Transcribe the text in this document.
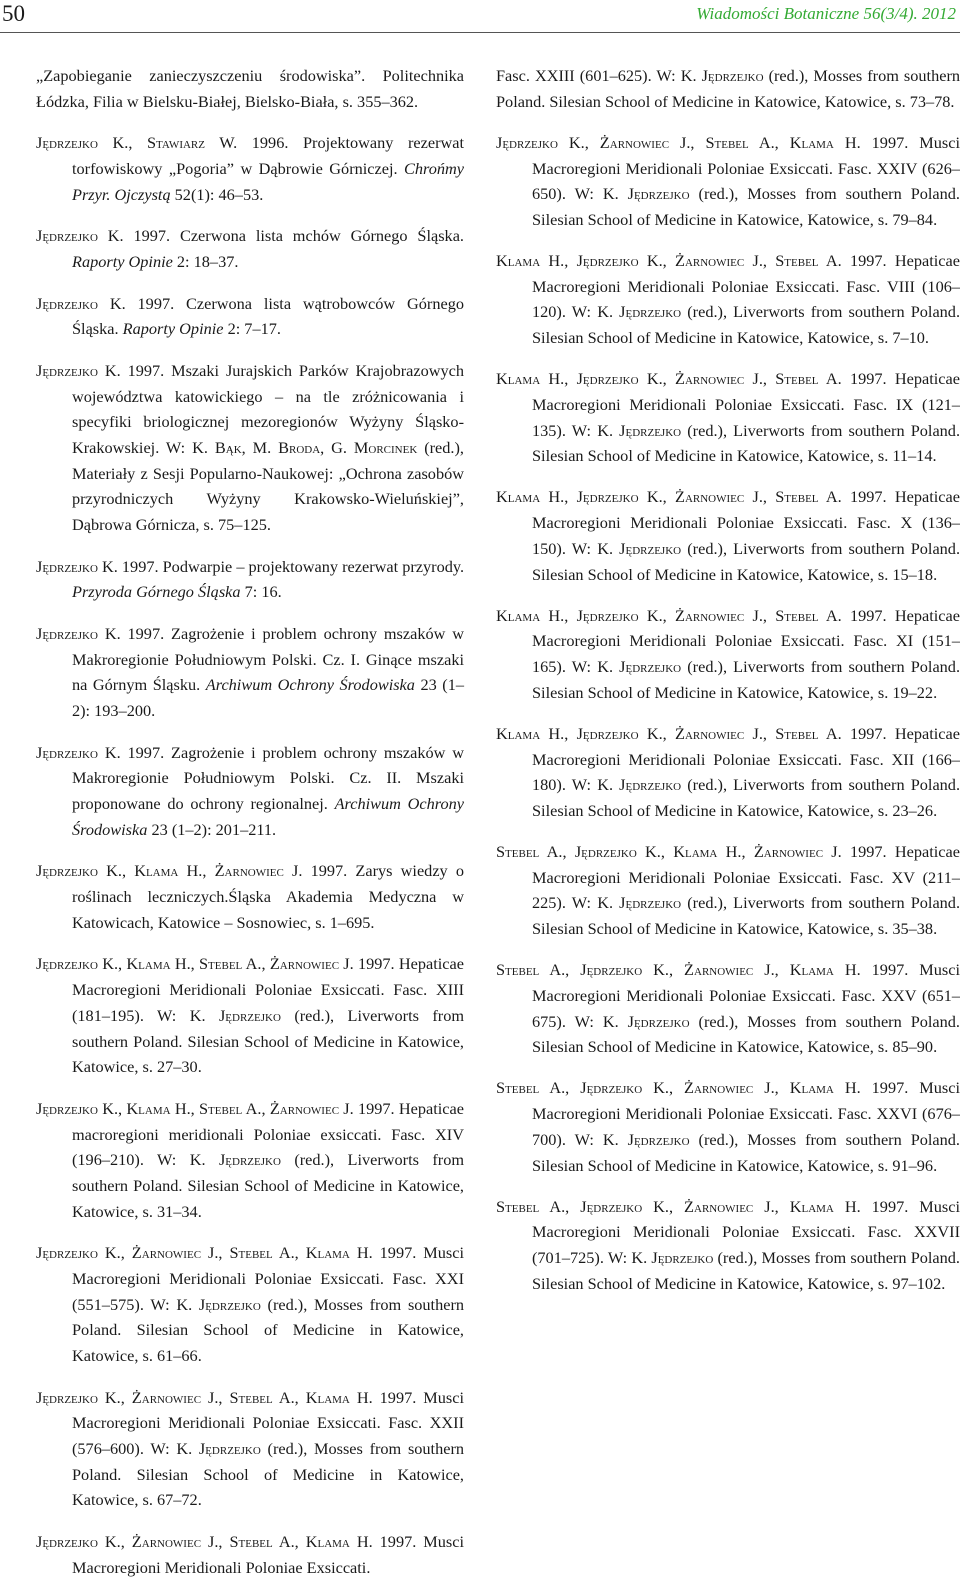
50	Wiadomości Botaniczne 56(3/4). 2012

„Zapobieganie zanieczyszczeniu środowiska”. Politechnika Łódzka, Filia w Bielsku-Białej, Bielsko-Biała, s. 355–362.

Jędrzejko K., Stawiarz W. 1996. Projektowany rezerwat torfowiskowy „Pogoria” w Dąbrowie Górniczej. Chrońmy Przyr. Ojczystą 52(1): 46–53.

Jędrzejko K. 1997. Czerwona lista mchów Górnego Śląska. Raporty Opinie 2: 18–37.

Jędrzejko K. 1997. Czerwona lista wątrobowców Górnego Śląska. Raporty Opinie 2: 7–17.

Jędrzejko K. 1997. Mszaki Jurajskich Parków Krajobrazowych województwa katowickiego – na tle zróżnicowania i specyfiki briologicznej mezoregionów Wyżyny Śląsko-Krakowskiej. W: K. Bąk, M. Broda, G. Morcinek (red.), Materiały z Sesji Popularno-Naukowej: „Ochrona zasobów przyrodniczych Wyżyny Krakowsko-Wieluńskiej”, Dąbrowa Górnicza, s. 75–125.

Jędrzejko K. 1997. Podwarpie – projektowany rezerwat przyrody. Przyroda Górnego Śląska 7: 16.

Jędrzejko K. 1997. Zagrożenie i problem ochrony mszaków w Makroregionie Południowym Polski. Cz. I. Ginące mszaki na Górnym Śląsku. Archiwum Ochrony Środowiska 23 (1–2): 193–200.

Jędrzejko K. 1997. Zagrożenie i problem ochrony mszaków w Makroregionie Południowym Polski. Cz. II. Mszaki proponowane do ochrony regionalnej. Archiwum Ochrony Środowiska 23 (1–2): 201–211.

Jędrzejko K., Klama H., Żarnowiec J. 1997. Zarys wiedzy o roślinach leczniczych.Śląska Akademia Medyczna w Katowicach, Katowice – Sosnowiec, s. 1–695.

Jędrzejko K., Klama H., Stebel A., Żarnowiec J. 1997. Hepaticae Macroregioni Meridionali Poloniae Exsiccati. Fasc. XIII (181–195). W: K. Jędrzejko (red.), Liverworts from southern Poland. Silesian School of Medicine in Katowice, Katowice, s. 27–30.

Jędrzejko K., Klama H., Stebel A., Żarnowiec J. 1997. Hepaticae macroregioni meridionali Poloniae exsiccati. Fasc. XIV (196–210). W: K. Jędrzejko (red.), Liverworts from southern Poland. Silesian School of Medicine in Katowice, Katowice, s. 31–34.

Jędrzejko K., Żarnowiec J., Stebel A., Klama H. 1997. Musci Macroregioni Meridionali Poloniae Exsiccati. Fasc. XXI (551–575). W: K. Jędrzejko (red.), Mosses from southern Poland. Silesian School of Medicine in Katowice, Katowice, s. 61–66.

Jędrzejko K., Żarnowiec J., Stebel A., Klama H. 1997. Musci Macroregioni Meridionali Poloniae Exsiccati. Fasc. XXII (576–600). W: K. Jędrzejko (red.), Mosses from southern Poland. Silesian School of Medicine in Katowice, Katowice, s. 67–72.

Jędrzejko K., Żarnowiec J., Stebel A., Klama H. 1997. Musci Macroregioni Meridionali Poloniae Exsiccati.

Fasc. XXIII (601–625). W: K. Jędrzejko (red.), Mosses from southern Poland. Silesian School of Medicine in Katowice, Katowice, s. 73–78.

Jędrzejko K., Żarnowiec J., Stebel A., Klama H. 1997. Musci Macroregioni Meridionali Poloniae Exsiccati. Fasc. XXIV (626–650). W: K. Jędrzejko (red.), Mosses from southern Poland. Silesian School of Medicine in Katowice, Katowice, s. 79–84.

Klama H., Jędrzejko K., Żarnowiec J., Stebel A. 1997. Hepaticae Macroregioni Meridionali Poloniae Exsiccati. Fasc. VIII (106–120). W: K. Jędrzejko (red.), Liverworts from southern Poland. Silesian School of Medicine in Katowice, Katowice, s. 7–10.

Klama H., Jędrzejko K., Żarnowiec J., Stebel A. 1997. Hepaticae Macroregioni Meridionali Poloniae Exsiccati. Fasc. IX (121–135). W: K. Jędrzejko (red.), Liverworts from southern Poland. Silesian School of Medicine in Katowice, Katowice, s. 11–14.

Klama H., Jędrzejko K., Żarnowiec J., Stebel A. 1997. Hepaticae Macroregioni Meridionali Poloniae Exsiccati. Fasc. X (136–150). W: K. Jędrzejko (red.), Liverworts from southern Poland. Silesian School of Medicine in Katowice, Katowice, s. 15–18.

Klama H., Jędrzejko K., Żarnowiec J., Stebel A. 1997. Hepaticae Macroregioni Meridionali Poloniae Exsiccati. Fasc. XI (151–165). W: K. Jędrzejko (red.), Liverworts from southern Poland. Silesian School of Medicine in Katowice, Katowice, s. 19–22.

Klama H., Jędrzejko K., Żarnowiec J., Stebel A. 1997. Hepaticae Macroregioni Meridionali Poloniae Exsiccati. Fasc. XII (166–180). W: K. Jędrzejko (red.), Liverworts from southern Poland. Silesian School of Medicine in Katowice, Katowice, s. 23–26.

Stebel A., Jędrzejko K., Klama H., Żarnowiec J. 1997. Hepaticae Macroregioni Meridionali Poloniae Exsiccati. Fasc. XV (211–225). W: K. Jędrzejko (red.), Liverworts from southern Poland. Silesian School of Medicine in Katowice, Katowice, s. 35–38.

Stebel A., Jędrzejko K., Żarnowiec J., Klama H. 1997. Musci Macroregioni Meridionali Poloniae Exsiccati. Fasc. XXV (651–675). W: K. Jędrzejko (red.), Mosses from southern Poland. Silesian School of Medicine in Katowice, Katowice, s. 85–90.

Stebel A., Jędrzejko K., Żarnowiec J., Klama H. 1997. Musci Macroregioni Meridionali Poloniae Exsiccati. Fasc. XXVI (676–700). W: K. Jędrzejko (red.), Mosses from southern Poland. Silesian School of Medicine in Katowice, Katowice, s. 91–96.

Stebel A., Jędrzejko K., Żarnowiec J., Klama H. 1997. Musci Macroregioni Meridionali Poloniae Exsiccati. Fasc. XXVII (701–725). W: K. Jędrzejko (red.), Mosses from southern Poland. Silesian School of Medicine in Katowice, Katowice, s. 97–102.
